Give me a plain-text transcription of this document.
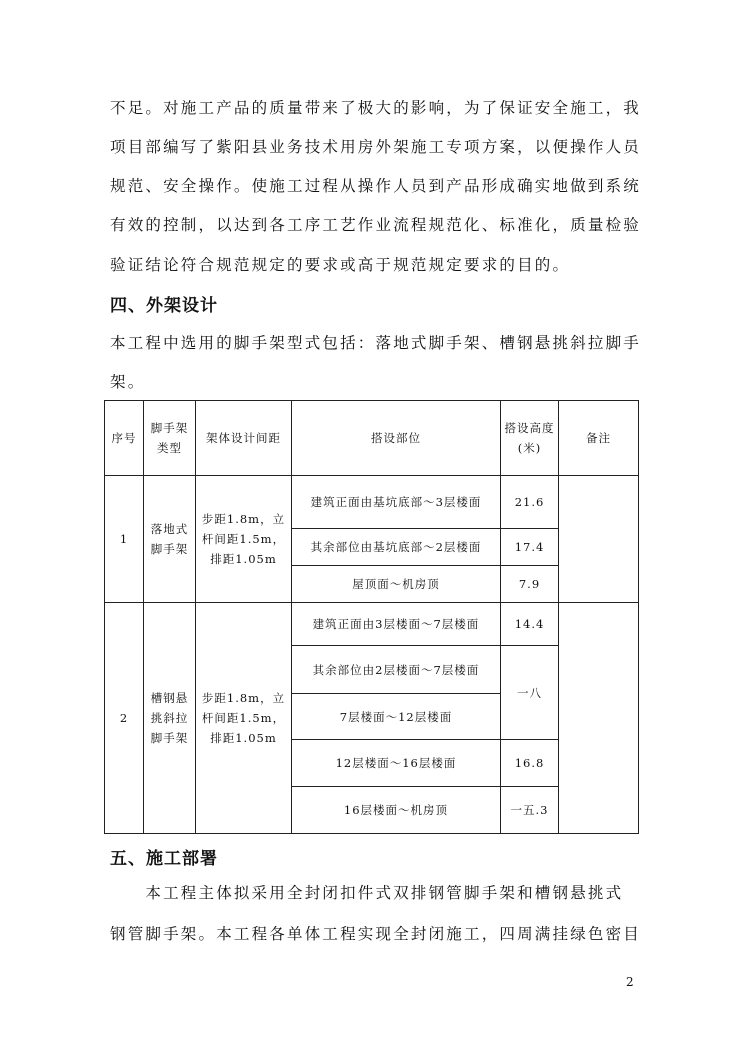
不足。对施工产品的质量带来了极大的影响，为了保证安全施工，我
项目部编写了紫阳县业务技术用房外架施工专项方案，以便操作人员
规范、安全操作。使施工过程从操作人员到产品形成确实地做到系统
有效的控制，以达到各工序工艺作业流程规范化、标准化，质量检验
验证结论符合规范规定的要求或高于规范规定要求的目的。
四、外架设计
本工程中选用的脚手架型式包括：落地式脚手架、槽钢悬挑斜拉脚手
架。
序号	脚手架类型	架体设计间距	搭设部位	搭设高度(米)	备注
1	落地式脚手架	步距1.8m，立杆间距1.5m，排距1.05m	建筑正面由基坑底部～3层楼面	21.6	
			其余部位由基坑底部～2层楼面	17.4	
			屋顶面～机房顶	7.9	
2	槽钢悬挑斜拉脚手架	步距1.8m，立杆间距1.5m，排距1.05m	建筑正面由3层楼面～7层楼面	14.4	
			其余部位由2层楼面～7层楼面	一八	
			7层楼面～12层楼面		
			12层楼面～16层楼面	16.8	
			16层楼面～机房顶	一五.3	
五、施工部署
　　本工程主体拟采用全封闭扣件式双排钢管脚手架和槽钢悬挑式
钢管脚手架。本工程各单体工程实现全封闭施工，四周满挂绿色密目
2
